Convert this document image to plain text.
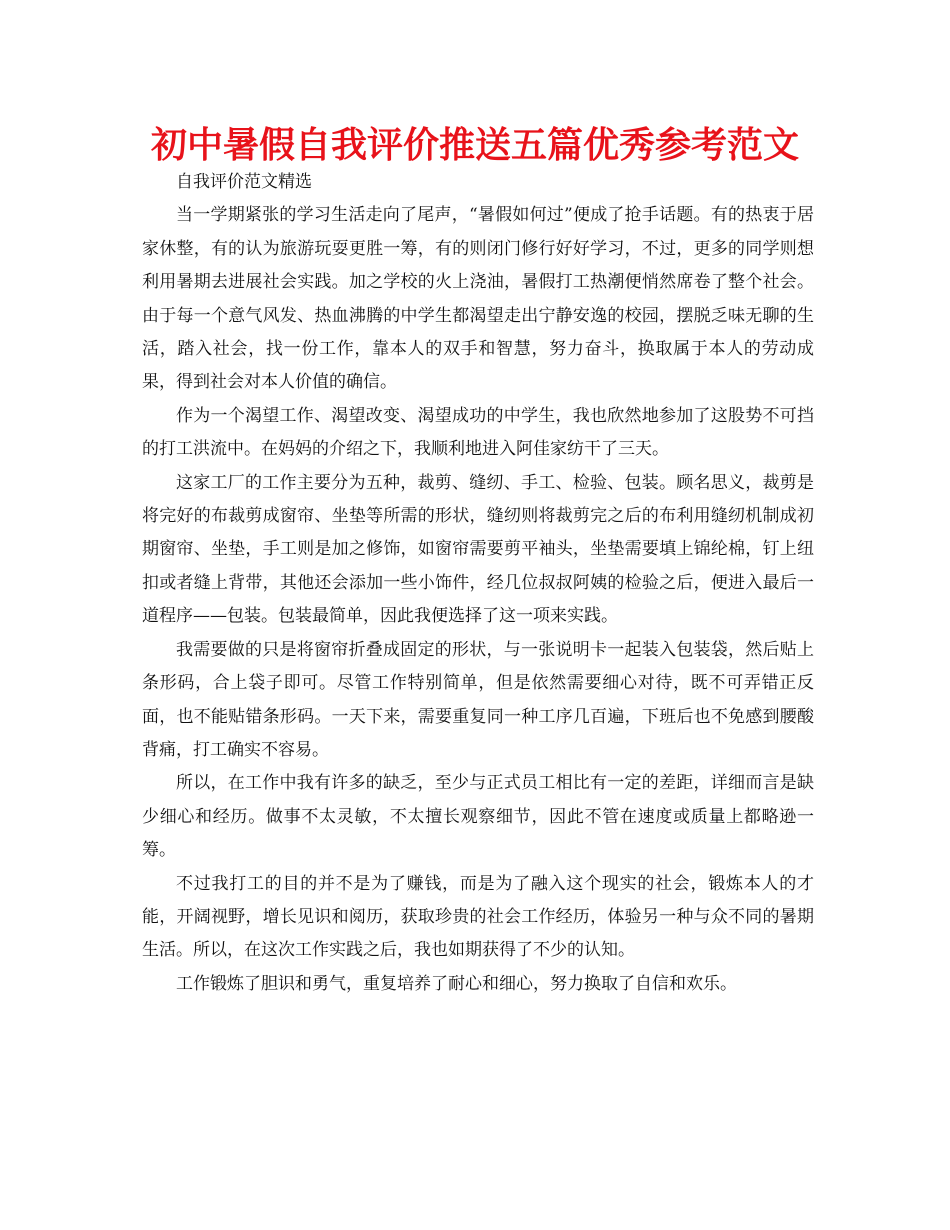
初中暑假自我评价推送五篇优秀参考范文

自我评价范文精选

当一学期紧张的学习生活走向了尾声，“暑假如何过”便成了抢手话题。有的热衷于居家休整，有的认为旅游玩耍更胜一筹，有的则闭门修行好好学习，不过，更多的同学则想利用暑期去进展社会实践。加之学校的火上浇油，暑假打工热潮便悄然席卷了整个社会。由于每一个意气风发、热血沸腾的中学生都渴望走出宁静安逸的校园，摆脱乏味无聊的生活，踏入社会，找一份工作，靠本人的双手和智慧，努力奋斗，换取属于本人的劳动成果，得到社会对本人价值的确信。

作为一个渴望工作、渴望改变、渴望成功的中学生，我也欣然地参加了这股势不可挡的打工洪流中。在妈妈的介绍之下，我顺利地进入阿佳家纺干了三天。

这家工厂的工作主要分为五种，裁剪、缝纫、手工、检验、包装。顾名思义，裁剪是将完好的布裁剪成窗帘、坐垫等所需的形状，缝纫则将裁剪完之后的布利用缝纫机制成初期窗帘、坐垫，手工则是加之修饰，如窗帘需要剪平袖头，坐垫需要填上锦纶棉，钉上纽扣或者缝上背带，其他还会添加一些小饰件，经几位叔叔阿姨的检验之后，便进入最后一道程序——包装。包装最简单，因此我便选择了这一项来实践。

我需要做的只是将窗帘折叠成固定的形状，与一张说明卡一起装入包装袋，然后贴上条形码，合上袋子即可。尽管工作特别简单，但是依然需要细心对待，既不可弄错正反面，也不能贴错条形码。一天下来，需要重复同一种工序几百遍，下班后也不免感到腰酸背痛，打工确实不容易。

所以，在工作中我有许多的缺乏，至少与正式员工相比有一定的差距，详细而言是缺少细心和经历。做事不太灵敏，不太擅长观察细节，因此不管在速度或质量上都略逊一筹。

不过我打工的目的并不是为了赚钱，而是为了融入这个现实的社会，锻炼本人的才能，开阔视野，增长见识和阅历，获取珍贵的社会工作经历，体验另一种与众不同的暑期生活。所以，在这次工作实践之后，我也如期获得了不少的认知。

工作锻炼了胆识和勇气，重复培养了耐心和细心，努力换取了自信和欢乐。
